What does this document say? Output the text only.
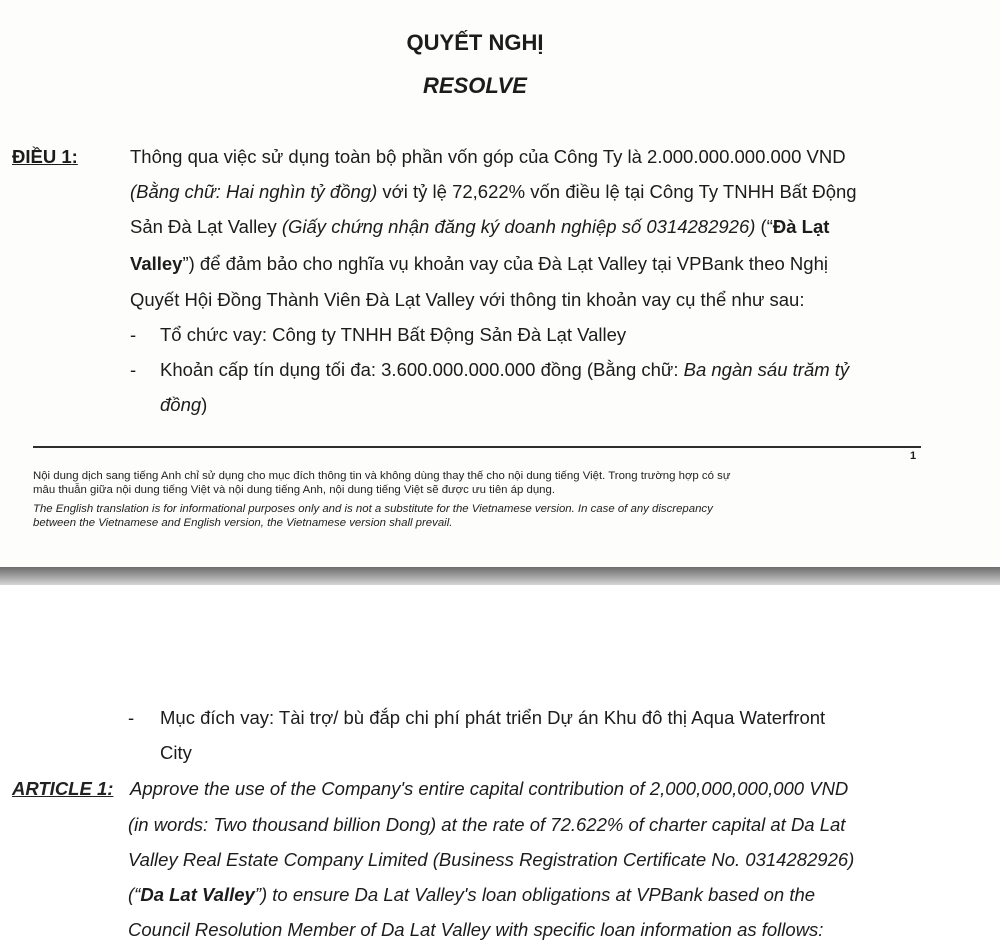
QUYẾT NGHỊ
RESOLVE
ĐIỀU 1:	Thông qua việc sử dụng toàn bộ phần vốn góp của Công Ty là 2.000.000.000.000 VND
(Bằng chữ: Hai nghìn tỷ đồng) với tỷ lệ 72,622% vốn điều lệ tại Công Ty TNHH Bất Động
Sản Đà Lạt Valley (Giấy chứng nhận đăng ký doanh nghiệp số 0314282926) (“Đà Lạt
Valley”) để đảm bảo cho nghĩa vụ khoản vay của Đà Lạt Valley tại VPBank theo Nghị
Quyết Hội Đồng Thành Viên Đà Lạt Valley với thông tin khoản vay cụ thể như sau:
- Tổ chức vay: Công ty TNHH Bất Động Sản Đà Lạt Valley
- Khoản cấp tín dụng tối đa: 3.600.000.000.000 đồng (Bằng chữ: Ba ngàn sáu trăm tỷ
đồng)
1
Nội dung dịch sang tiếng Anh chỉ sử dụng cho mục đích thông tin và không dùng thay thế cho nội dung tiếng Việt. Trong trường hợp có sự
mâu thuẫn giữa nội dung tiếng Việt và nội dung tiếng Anh, nội dung tiếng Việt sẽ được ưu tiên áp dụng.
The English translation is for informational purposes only and is not a substitute for the Vietnamese version. In case of any discrepancy
between the Vietnamese and English version, the Vietnamese version shall prevail.
- Mục đích vay: Tài trợ/ bù đắp chi phí phát triển Dự án Khu đô thị Aqua Waterfront
City
ARTICLE 1: Approve the use of the Company's entire capital contribution of 2,000,000,000,000 VND
(in words: Two thousand billion Dong) at the rate of 72.622% of charter capital at Da Lat
Valley Real Estate Company Limited (Business Registration Certificate No. 0314282926)
(“Da Lat Valley”) to ensure Da Lat Valley's loan obligations at VPBank based on the
Council Resolution Member of Da Lat Valley with specific loan information as follows:
